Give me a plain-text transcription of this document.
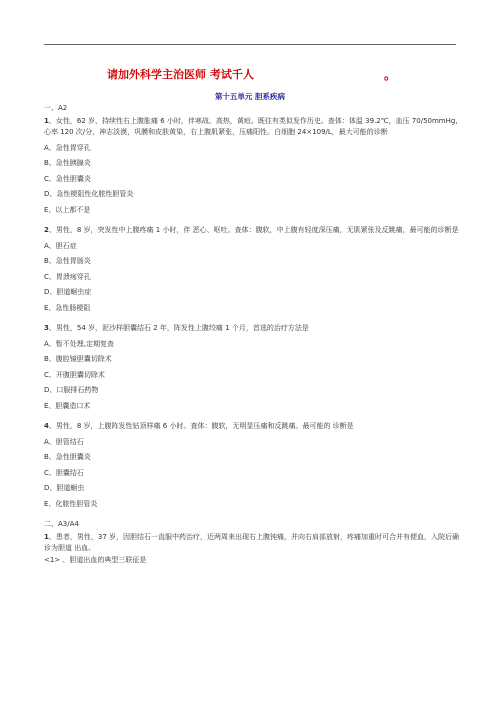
请加外科学主治医师 考试千人	。
第十五单元 胆系疾病
一、A2

1、女性，62 岁，持续性右上腹胀痛 6 小时，伴寒战、高热，黄疸。既往有类似发作历史。查体：体温 39.2℃，血压 70/50mmHg,心率 120 次/分，神志淡漠，巩膜和皮肤黄染，右上腹肌紧张，压痛阳性。白细胞 24×109/L，最大可能的诊断

A、急性胃穿孔

B、急性胰腺炎

C、急性胆囊炎

D、急性梗阻性化脓性胆管炎

E、以上都不是

2、男性，8 岁，突发性中上腹疼痛 1 小时，伴 恶心、呕吐。查体：腹软，中上腹有轻度深压痛，无肌紧张及反跳痛，最可能的诊断是

A、胆石症

B、急性胃肠炎

C、胃溃疡穿孔

D、胆道蛔虫症

E、急性肠梗阻

3、男性，54 岁，泥沙样胆囊结石 2 年，阵发性上腹绞痛 1 个月，首选的治疗方法是

A、暂不处理,定期复查

B、腹腔镜胆囊切除术

C、开腹胆囊切除术

D、口服排石药物

E、胆囊造口术

4、男性，8 岁，上腹阵发性钻顶样痛 6 小时。查体：腹软，无明显压痛和反跳痛。最可能的 诊断是

A、胆管结石

B、急性胆囊炎

C、胆囊结石

D、胆道蛔虫

E、化脓性胆管炎

二、A3/A4

1、患者，男性，37 岁，因胆结石一直服中药治疗，近两周来出现右上腹钝痛，并向右肩部放射，疼痛加重时可合并有便血，入院后确诊为胆道 出血。

<1> 、胆道出血的典型三联征是
